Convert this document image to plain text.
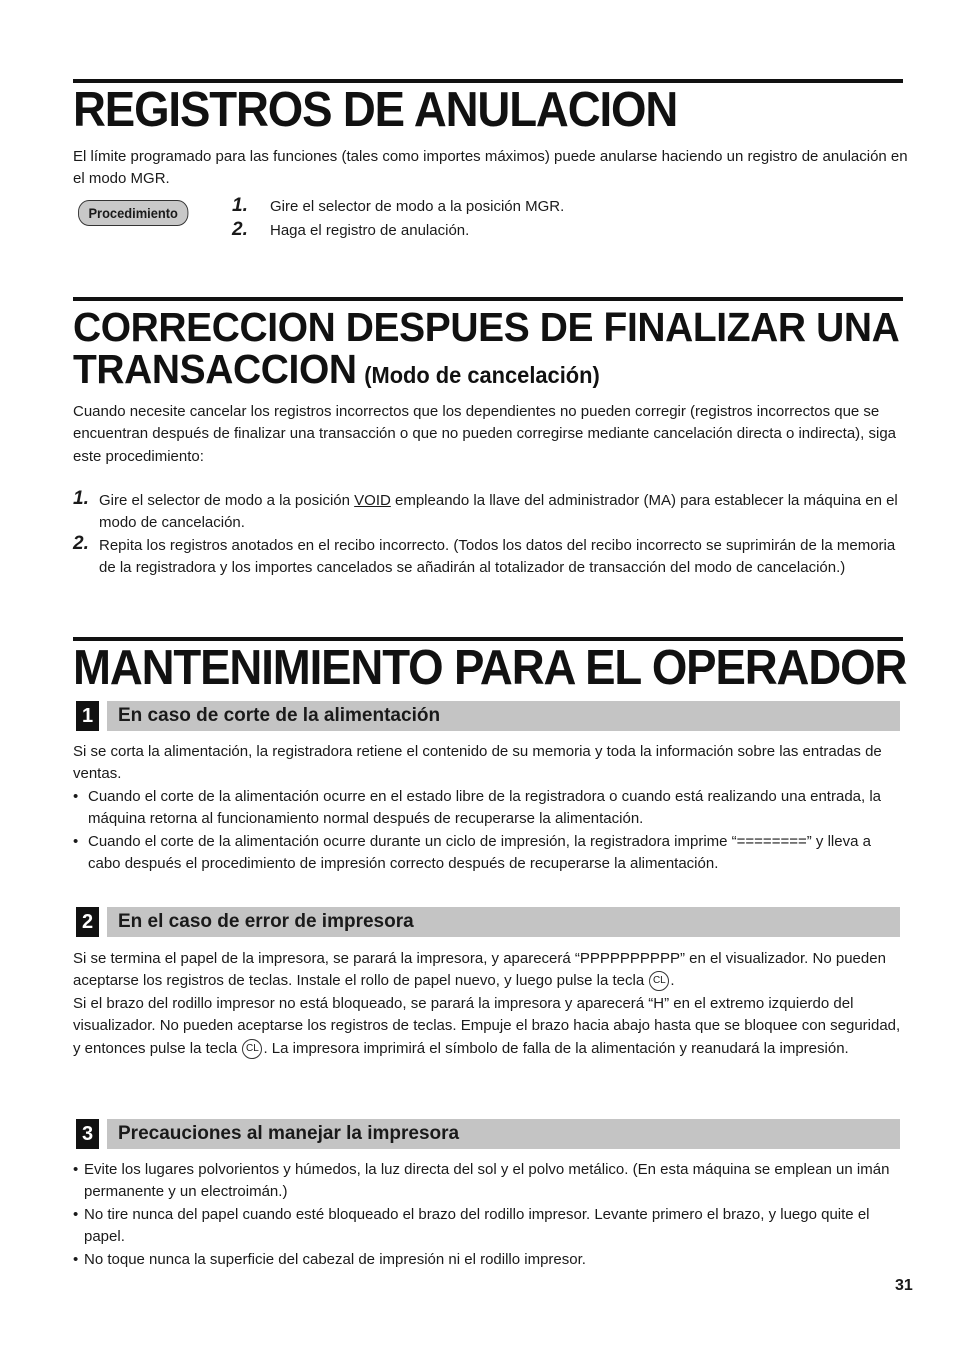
REGISTROS DE ANULACION
El límite programado para las funciones (tales como importes máximos) puede anularse haciendo un registro de anulación en el modo MGR.
Procedimiento	1. Gire el selector de modo a la posición MGR.
2. Haga el registro de anulación.
CORRECCION DESPUES DE FINALIZAR UNA
TRANSACCION (Modo de cancelación)
Cuando necesite cancelar los registros incorrectos que los dependientes no pueden corregir (registros incorrectos que se encuentran después de finalizar una transacción o que no pueden corregirse mediante cancelación directa o indirecta), siga este procedimiento:
1. Gire el selector de modo a la posición VOID empleando la llave del administrador (MA) para establecer la máquina en el modo de cancelación.
2. Repita los registros anotados en el recibo incorrecto. (Todos los datos del recibo incorrecto se suprimirán de la memoria de la registradora y los importes cancelados se añadirán al totalizador de transacción del modo de cancelación.)
MANTENIMIENTO PARA EL OPERADOR
1	En caso de corte de la alimentación
Si se corta la alimentación, la registradora retiene el contenido de su memoria y toda la información sobre las entradas de ventas.
• Cuando el corte de la alimentación ocurre en el estado libre de la registradora o cuando está realizando una entrada, la máquina retorna al funcionamiento normal después de recuperarse la alimentación.
• Cuando el corte de la alimentación ocurre durante un ciclo de impresión, la registradora imprime “========” y lleva a cabo después el procedimiento de impresión correcto después de recuperarse la alimentación.
2	En el caso de error de impresora
Si se termina el papel de la impresora, se parará la impresora, y aparecerá “PPPPPPPPPP” en el visualizador. No pueden aceptarse los registros de teclas. Instale el rollo de papel nuevo, y luego pulse la tecla CL .
Si el brazo del rodillo impresor no está bloqueado, se parará la impresora y aparecerá “H” en el extremo izquierdo del visualizador. No pueden aceptarse los registros de teclas. Empuje el brazo hacia abajo hasta que se bloquee con seguridad, y entonces pulse la tecla CL . La impresora imprimirá el símbolo de falla de la alimentación y reanudará la impresión.
3	Precauciones al manejar la impresora
• Evite los lugares polvorientos y húmedos, la luz directa del sol y el polvo metálico. (En esta máquina se emplean un imán permanente y un electroimán.)
• No tire nunca del papel cuando esté bloqueado el brazo del rodillo impresor. Levante primero el brazo, y luego quite el papel.
• No toque nunca la superficie del cabezal de impresión ni el rodillo impresor.
31
